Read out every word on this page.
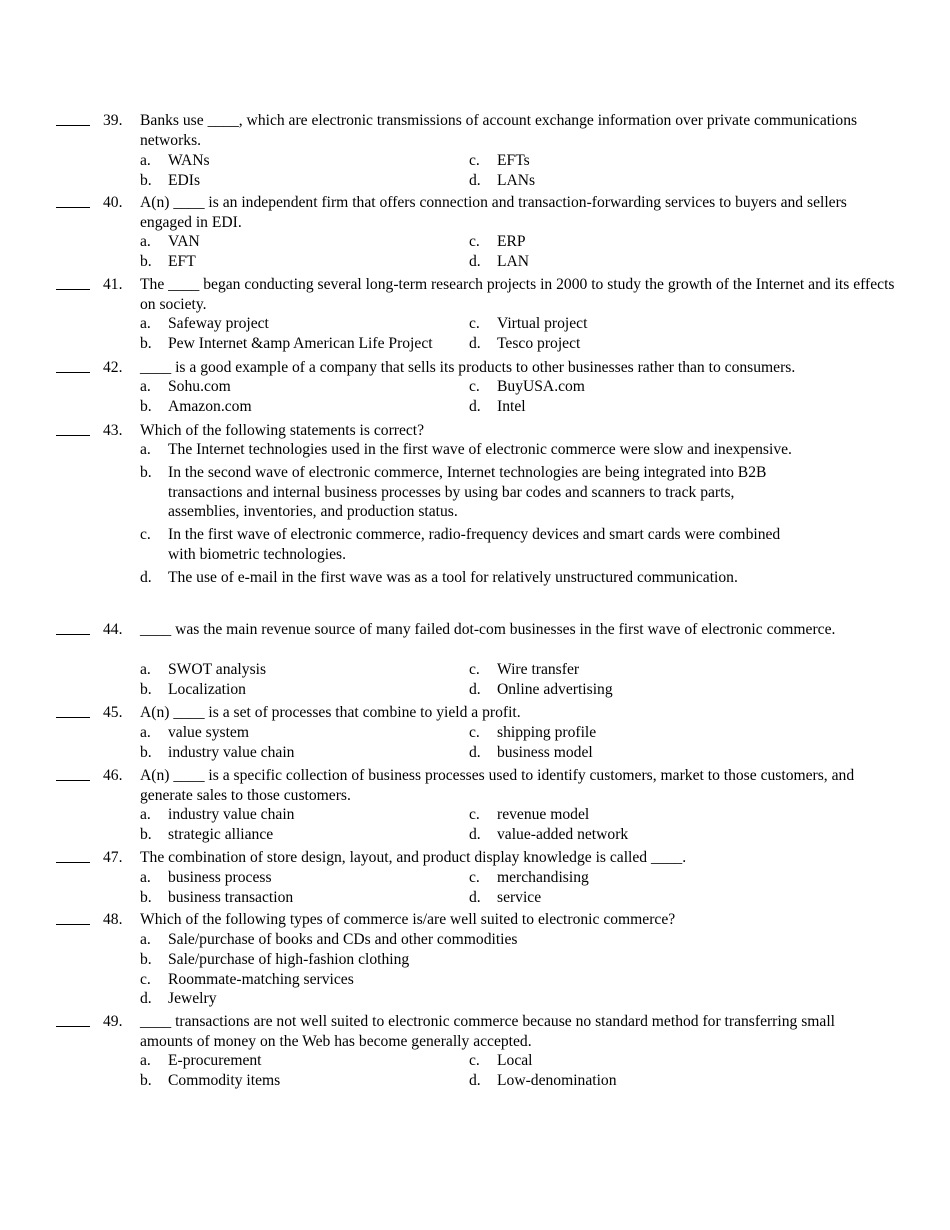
39. Banks use ____, which are electronic transmissions of account exchange information over private communications networks.
a. WANs
b. EDIs
c. EFTs
d. LANs
40. A(n) ____ is an independent firm that offers connection and transaction-forwarding services to buyers and sellers engaged in EDI.
a. VAN
b. EFT
c. ERP
d. LAN
41. The ____ began conducting several long-term research projects in 2000 to study the growth of the Internet and its effects on society.
a. Safeway project
b. Pew Internet &amp American Life Project
c. Virtual project
d. Tesco project
42. ____ is a good example of a company that sells its products to other businesses rather than to consumers.
a. Sohu.com
b. Amazon.com
c. BuyUSA.com
d. Intel
43. Which of the following statements is correct?
a. The Internet technologies used in the first wave of electronic commerce were slow and inexpensive.
b. In the second wave of electronic commerce, Internet technologies are being integrated into B2B transactions and internal business processes by using bar codes and scanners to track parts, assemblies, inventories, and production status.
c. In the first wave of electronic commerce, radio-frequency devices and smart cards were combined with biometric technologies.
d. The use of e-mail in the first wave was as a tool for relatively unstructured communication.
44. ____ was the main revenue source of many failed dot-com businesses in the first wave of electronic commerce.
a. SWOT analysis
b. Localization
c. Wire transfer
d. Online advertising
45. A(n) ____ is a set of processes that combine to yield a profit.
a. value system
b. industry value chain
c. shipping profile
d. business model
46. A(n) ____ is a specific collection of business processes used to identify customers, market to those customers, and generate sales to those customers.
a. industry value chain
b. strategic alliance
c. revenue model
d. value-added network
47. The combination of store design, layout, and product display knowledge is called ____.
a. business process
b. business transaction
c. merchandising
d. service
48. Which of the following types of commerce is/are well suited to electronic commerce?
a. Sale/purchase of books and CDs and other commodities
b. Sale/purchase of high-fashion clothing
c. Roommate-matching services
d. Jewelry
49. ____ transactions are not well suited to electronic commerce because no standard method for transferring small amounts of money on the Web has become generally accepted.
a. E-procurement
b. Commodity items
c. Local
d. Low-denomination
